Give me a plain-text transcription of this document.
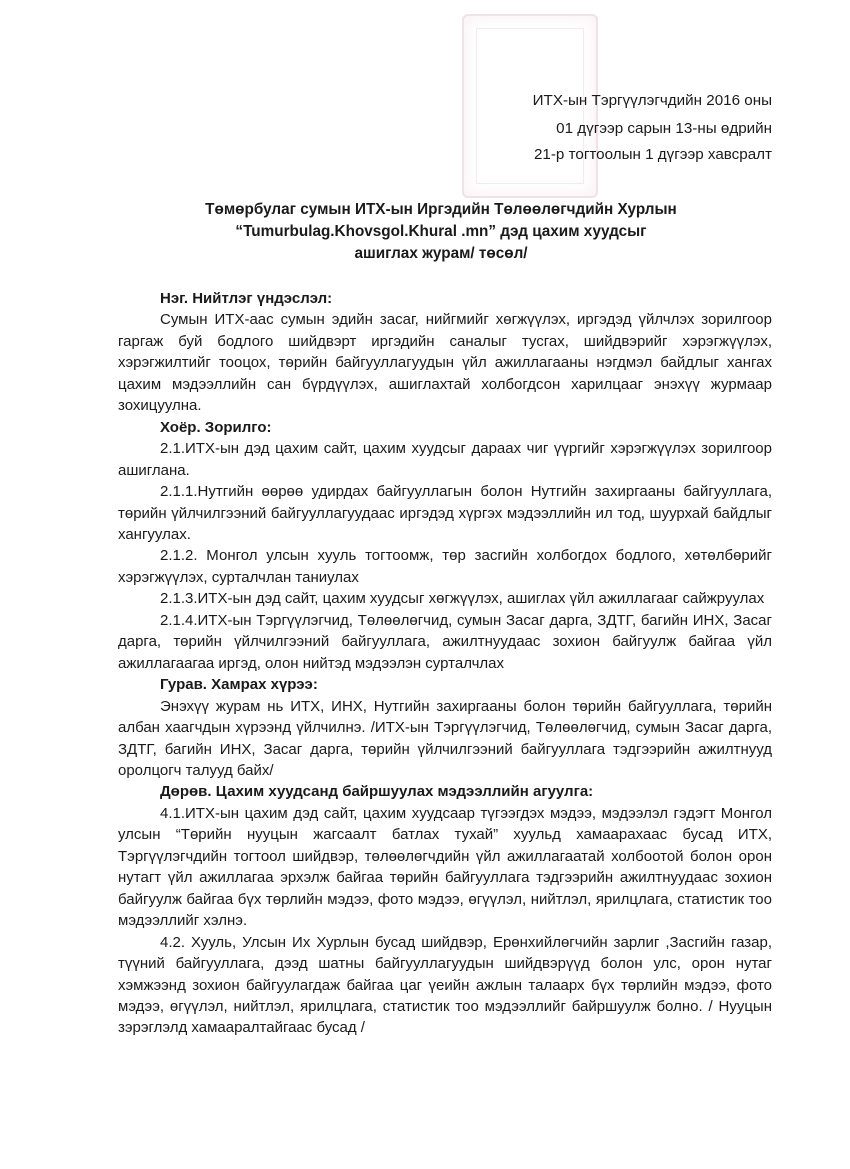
ИТХ-ын Тэргүүлэгчдийн 2016 оны
01 дүгээр сарын 13-ны өдрийн
21-р тогтоолын 1 дүгээр хавсралт
Төмөрбулаг сумын ИТХ-ын Иргэдийн Төлөөлөгчдийн Хурлын
“Tumurbulag.Khovsgol.Khural .mn” дэд цахим хуудсыг
ашиглах журам/ төсөл/

Нэг. Нийтлэг үндэслэл:

Сумын ИТХ-аас сумын эдийн засаг, нийгмийг хөгжүүлэх, иргэдэд үйлчлэх зорилгоор гаргаж буй бодлого шийдвэрт иргэдийн саналыг тусгах, шийдвэрийг хэрэгжүүлэх, хэрэгжилтийг тооцох, төрийн байгууллагуудын үйл ажиллагааны нэгдмэл байдлыг хангах цахим мэдээллийн сан бүрдүүлэх, ашиглахтай холбогдсон харилцааг энэхүү журмаар зохицуулна.

Хоёр. Зорилго:

2.1.ИТХ-ын дэд цахим сайт, цахим хуудсыг дараах чиг үүргийг хэрэгжүүлэх зорилгоор ашиглана.

2.1.1.Нутгийн өөрөө удирдах байгууллагын болон Нутгийн захиргааны байгууллага, төрийн үйлчилгээний байгууллагуудаас иргэдэд хүргэх мэдээллийн ил тод, шуурхай байдлыг хангуулах.

2.1.2. Монгол улсын хууль тогтоомж, төр засгийн холбогдох бодлого, хөтөлбөрийг хэрэгжүүлэх, сурталчлан таниулах

2.1.3.ИТХ-ын дэд сайт, цахим хуудсыг хөгжүүлэх, ашиглах үйл ажиллагааг сайжруулах

2.1.4.ИТХ-ын Тэргүүлэгчид, Төлөөлөгчид, сумын Засаг дарга, ЗДТГ, багийн ИНХ, Засаг дарга, төрийн үйлчилгээний байгууллага, ажилтнуудаас зохион байгуулж байгаа үйл ажиллагаагаа иргэд, олон нийтэд мэдээлэн сурталчлах

Гурав. Хамрах хүрээ:

Энэхүү журам нь ИТХ, ИНХ, Нутгийн захиргааны болон төрийн байгууллага, төрийн албан хаагчдын хүрээнд үйлчилнэ. /ИТХ-ын Тэргүүлэгчид, Төлөөлөгчид, сумын Засаг дарга, ЗДТГ, багийн ИНХ, Засаг дарга, төрийн үйлчилгээний байгууллага тэдгээрийн ажилтнууд оролцогч талууд байх/

Дөрөв. Цахим хуудсанд байршуулах мэдээллийн агуулга:

4.1.ИТХ-ын цахим дэд сайт, цахим хуудсаар түгээгдэх мэдээ, мэдээлэл гэдэгт Монгол улсын “Төрийн нууцын жагсаалт батлах тухай” хуульд хамаарахаас бусад ИТХ, Тэргүүлэгчдийн тогтоол шийдвэр, төлөөлөгчдийн үйл ажиллагаатай холбоотой болон орон нутагт үйл ажиллагаа эрхэлж байгаа төрийн байгууллага тэдгээрийн ажилтнуудаас зохион байгуулж байгаа бүх төрлийн мэдээ, фото мэдээ, өгүүлэл, нийтлэл, ярилцлага, статистик тоо мэдээллийг хэлнэ.

4.2. Хууль, Улсын Их Хурлын бусад шийдвэр, Ерөнхийлөгчийн зарлиг ,Засгийн газар, түүний байгууллага, дээд шатны байгууллагуудын шийдвэрүүд болон улс, орон нутаг хэмжээнд зохион байгуулагдаж байгаа цаг үеийн ажлын талаарх бүх төрлийн мэдээ, фото мэдээ, өгүүлэл, нийтлэл, ярилцлага, статистик тоо мэдээллийг байршуулж болно. / Нууцын зэрэглэлд хамааралтайгаас бусад /
